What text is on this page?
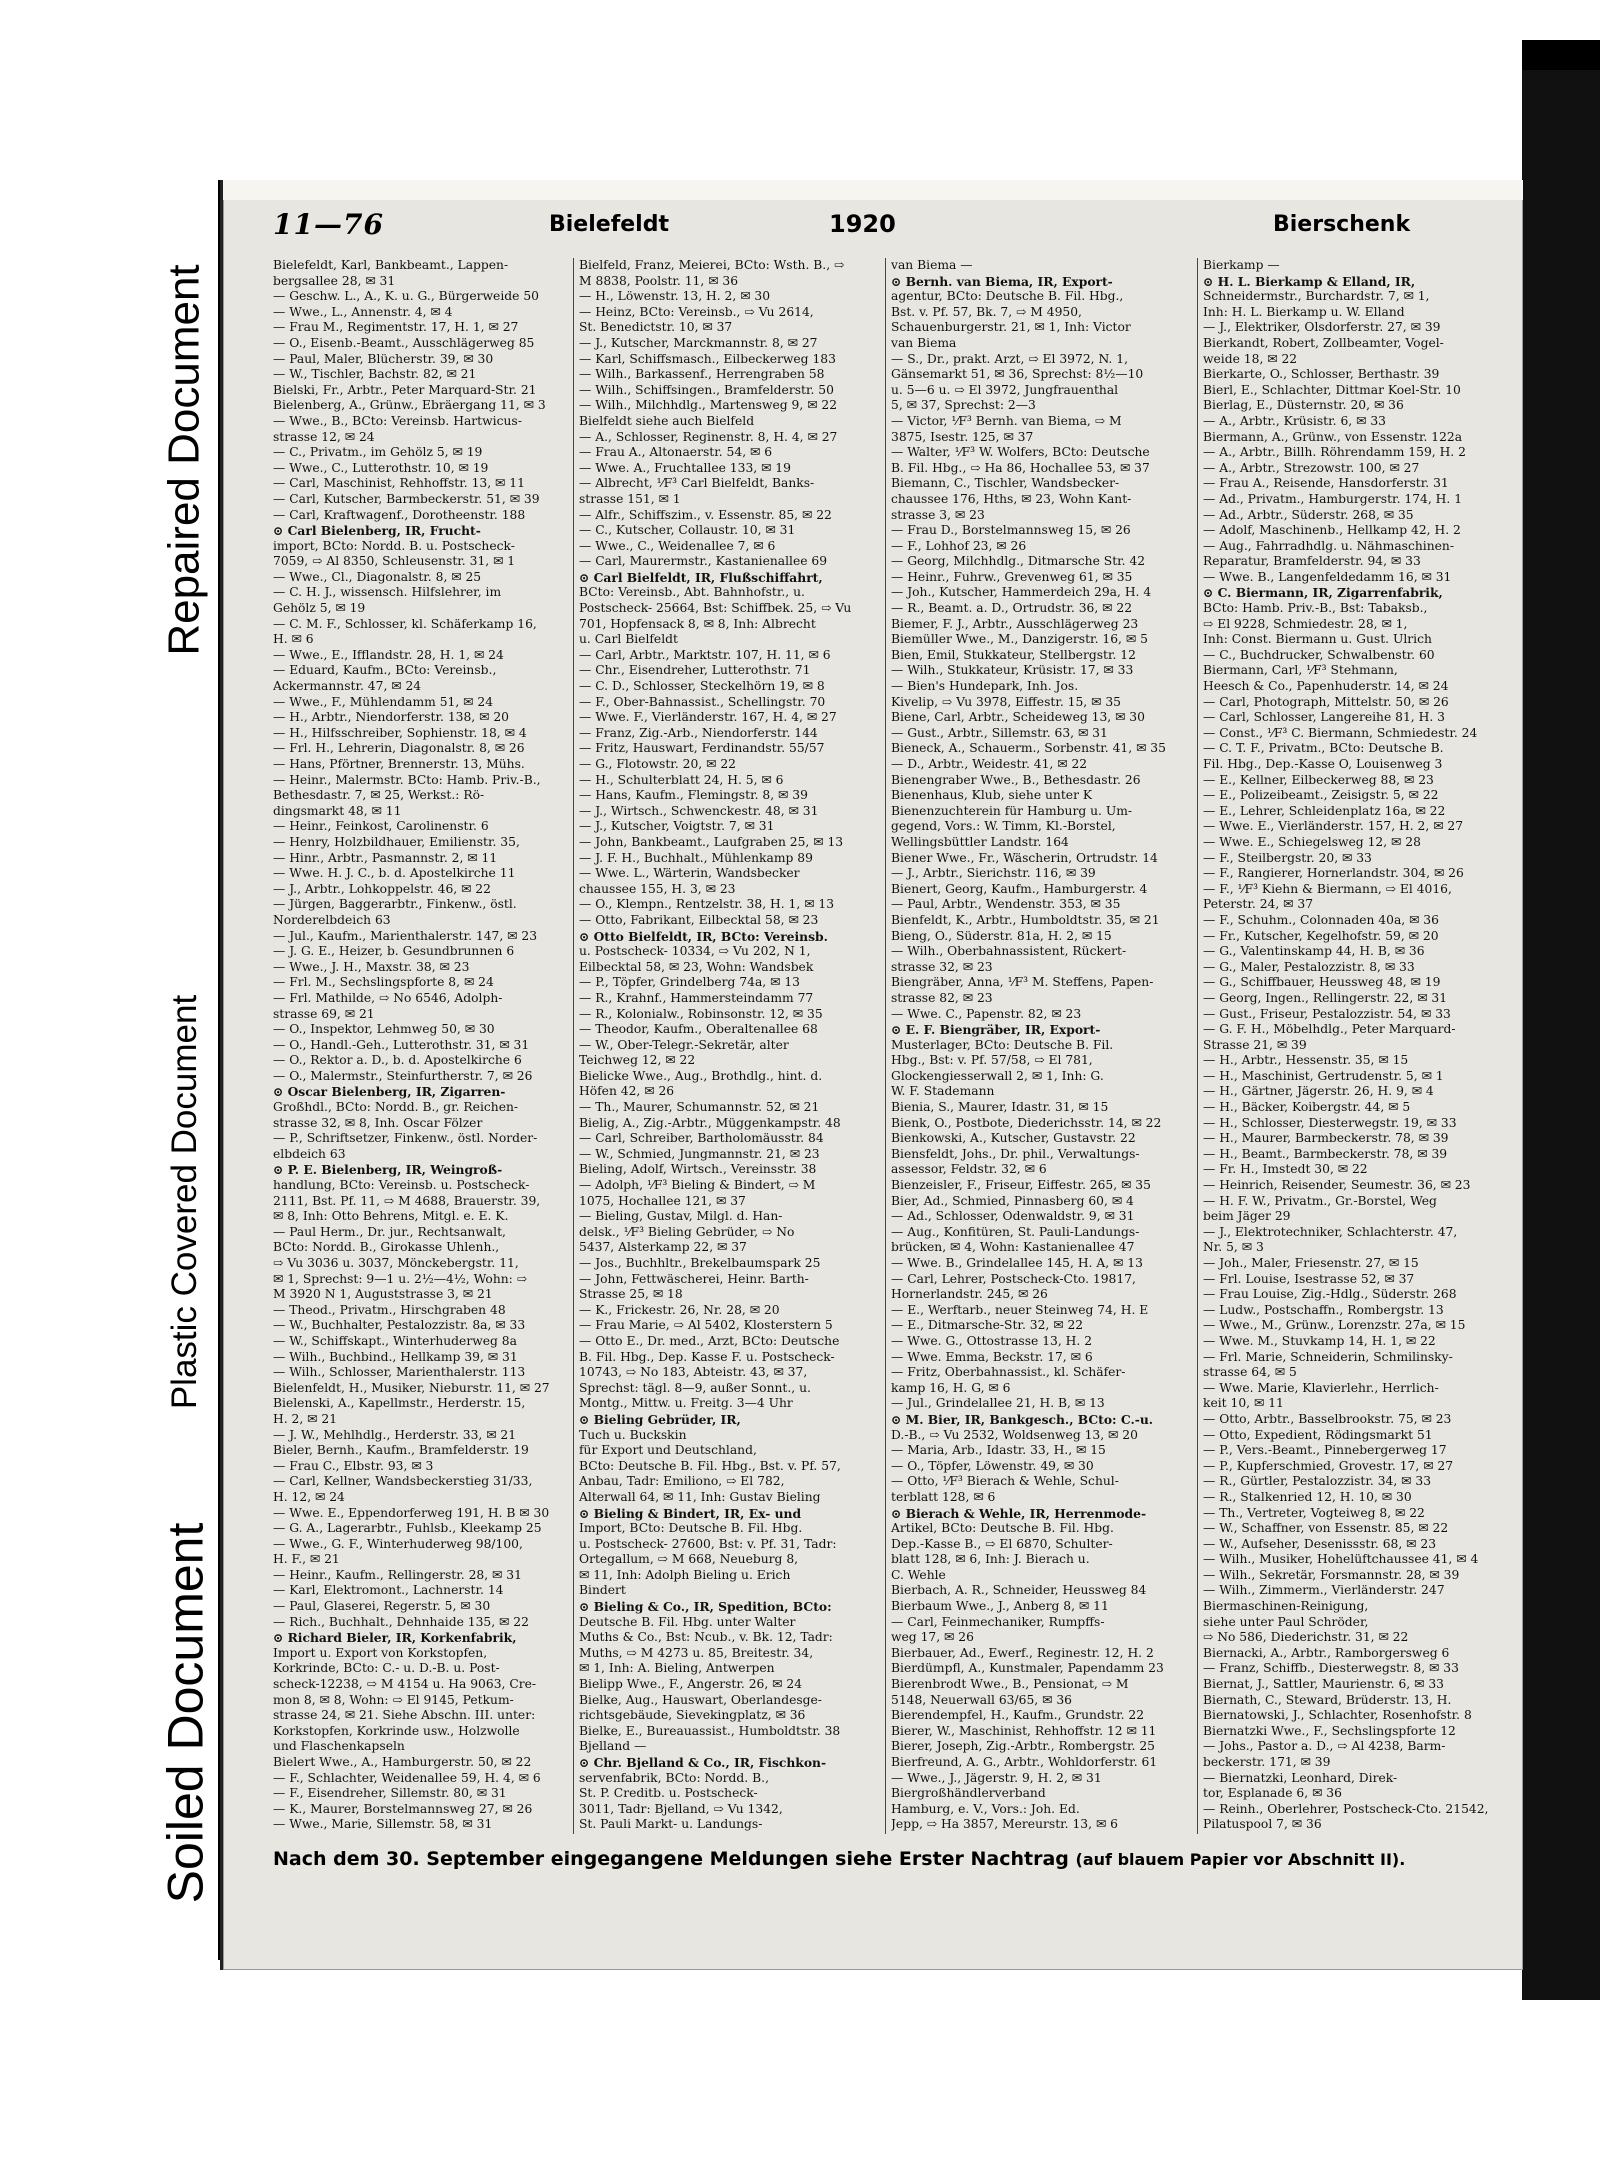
Repaired Document
Plastic Covered Document
Soiled Document
11—76	Bielefeldt	1920	Bierschenk
Bielefeldt, Karl, Bankbeamt., Lappen-
bergsallee 28, ✉ 31
— Geschw. L., A., K. u. G., Bürgerweide 50
— Wwe., L., Annenstr. 4, ✉ 4
— Frau M., Regimentstr. 17, H. 1, ✉ 27
— O., Eisenb.-Beamt., Ausschlägerweg 85
— Paul, Maler, Blücherstr. 39, ✉ 30
— W., Tischler, Bachstr. 82, ✉ 21
Bielski, Fr., Arbtr., Peter Marquard-Str. 21
Bielenberg, A., Grünw., Ebräergang 11, ✉ 3
— Wwe., B., BCto: Vereinsb. Hartwicus-
strasse 12, ✉ 24
— C., Privatm., im Gehölz 5, ✉ 19
— Wwe., C., Lutterothstr. 10, ✉ 19
— Carl, Maschinist, Rehhoffstr. 13, ✉ 11
— Carl, Kutscher, Barmbeckerstr. 51, ✉ 39
— Carl, Kraftwagenf., Dorotheenstr. 188
⊙ Carl Bielenberg, IR, Frucht-
import, BCto: Nordd. B. u. Postscheck-
7059, ⇨ Al 8350, Schleusenstr. 31, ✉ 1
— Wwe., Cl., Diagonalstr. 8, ✉ 25
— C. H. J., wissensch. Hilfslehrer, im
Gehölz 5, ✉ 19
— C. M. F., Schlosser, kl. Schäferkamp 16,
H. ✉ 6
— Wwe., E., Ifflandstr. 28, H. 1, ✉ 24
— Eduard, Kaufm., BCto: Vereinsb.,
Ackermannstr. 47, ✉ 24
— Wwe., F., Mühlendamm 51, ✉ 24
— H., Arbtr., Niendorferstr. 138, ✉ 20
— H., Hilfsschreiber, Sophienstr. 18, ✉ 4
— Frl. H., Lehrerin, Diagonalstr. 8, ✉ 26
— Hans, Pförtner, Brennerstr. 13, Mühs.
— Heinr., Malermstr. BCto: Hamb. Priv.-B.,
Bethesdastr. 7, ✉ 25, Werkst.: Rö-
dingsmarkt 48, ✉ 11
— Heinr., Feinkost, Carolinenstr. 6
— Henry, Holzbildhauer, Emilienstr. 35,
— Hinr., Arbtr., Pasmannstr. 2, ✉ 11
— Wwe. H. J. C., b. d. Apostelkirche 11
— J., Arbtr., Lohkoppelstr. 46, ✉ 22
— Jürgen, Baggerarbtr., Finkenw., östl.
Norderelbdeich 63
— Jul., Kaufm., Marienthalerstr. 147, ✉ 23
— J. G. E., Heizer, b. Gesundbrunnen 6
— Wwe., J. H., Maxstr. 38, ✉ 23
— Frl. M., Sechslingspforte 8, ✉ 24
— Frl. Mathilde, ⇨ No 6546, Adolph-
strasse 69, ✉ 21
— O., Inspektor, Lehmweg 50, ✉ 30
— O., Handl.-Geh., Lutterothstr. 31, ✉ 31
— O., Rektor a. D., b. d. Apostelkirche 6
— O., Malermstr., Steinfurtherstr. 7, ✉ 26
⊙ Oscar Bielenberg, IR, Zigarren-
Großhdl., BCto: Nordd. B., gr. Reichen-
strasse 32, ✉ 8, Inh. Oscar Fölzer
— P., Schriftsetzer, Finkenw., östl. Norder-
elbdeich 63
⊙ P. E. Bielenberg, IR, Weingroß-
handlung, BCto: Vereinsb. u. Postscheck-
2111, Bst. Pf. 11, ⇨ M 4688, Brauerstr. 39,
✉ 8, Inh: Otto Behrens, Mitgl. e. E. K.
— Paul Herm., Dr. jur., Rechtsanwalt,
BCto: Nordd. B., Girokasse Uhlenh.,
⇨ Vu 3036 u. 3037, Mönckebergstr. 11,
✉ 1, Sprechst: 9—1 u. 2½—4½, Wohn: ⇨
M 3920 N 1, Auguststrasse 3, ✉ 21
— Theod., Privatm., Hirschgraben 48
— W., Buchhalter, Pestalozzistr. 8a, ✉ 33
— W., Schiffskapt., Winterhuderweg 8a
— Wilh., Buchbind., Hellkamp 39, ✉ 31
— Wilh., Schlosser, Marienthalerstr. 113
Bielenfeldt, H., Musiker, Nieburstr. 11, ✉ 27
Bielenski, A., Kapellmstr., Herderstr. 15,
H. 2, ✉ 21
— J. W., Mehlhdlg., Herderstr. 33, ✉ 21
Bieler, Bernh., Kaufm., Bramfelderstr. 19
— Frau C., Elbstr. 93, ✉ 3
— Carl, Kellner, Wandsbeckerstieg 31/33,
H. 12, ✉ 24
— Wwe. E., Eppendorferweg 191, H. B ✉ 30
— G. A., Lagerarbtr., Fuhlsb., Kleekamp 25
— Wwe., G. F., Winterhuderweg 98/100,
H. F., ✉ 21
— Heinr., Kaufm., Rellingerstr. 28, ✉ 31
— Karl, Elektromont., Lachnerstr. 14
— Paul, Glaserei, Regerstr. 5, ✉ 30
— Rich., Buchhalt., Dehnhaide 135, ✉ 22
⊙ Richard Bieler, IR, Korkenfabrik,
Import u. Export von Korkstopfen,
Korkrinde, BCto: C.- u. D.-B. u. Post-
scheck-12238, ⇨ M 4154 u. Ha 9063, Cre-
mon 8, ✉ 8, Wohn: ⇨ El 9145, Petkum-
strasse 24, ✉ 21. Siehe Abschn. III. unter:
Korkstopfen, Korkrinde usw., Holzwolle
und Flaschenkapseln
Bielert Wwe., A., Hamburgerstr. 50, ✉ 22
— F., Schlachter, Weidenallee 59, H. 4, ✉ 6
— F., Eisendreher, Sillemstr. 80, ✉ 31
— K., Maurer, Borstelmannsweg 27, ✉ 26
— Wwe., Marie, Sillemstr. 58, ✉ 31
Bielfeld, Franz, Meierei, BCto: Wsth. B., ⇨
M 8838, Poolstr. 11, ✉ 36
— H., Löwenstr. 13, H. 2, ✉ 30
— Heinz, BCto: Vereinsb., ⇨ Vu 2614,
St. Benedictstr. 10, ✉ 37
— J., Kutscher, Marckmannstr. 8, ✉ 27
— Karl, Schiffsmasch., Eilbeckerweg 183
— Wilh., Barkassenf., Herrengraben 58
— Wilh., Schiffsingen., Bramfelderstr. 50
— Wilh., Milchhdlg., Martensweg 9, ✉ 22
Bielfeldt siehe auch Bielfeld
— A., Schlosser, Reginenstr. 8, H. 4, ✉ 27
— Frau A., Altonaerstr. 54, ✉ 6
— Wwe. A., Fruchtallee 133, ✉ 19
— Albrecht, ⅟F³ Carl Bielfeldt, Banks-
strasse 151, ✉ 1
— Alfr., Schiffszim., v. Essenstr. 85, ✉ 22
— C., Kutscher, Collaustr. 10, ✉ 31
— Wwe., C., Weidenallee 7, ✉ 6
— Carl, Maurermstr., Kastanienallee 69
⊙ Carl Bielfeldt, IR, Flußschiffahrt,
BCto: Vereinsb., Abt. Bahnhofstr., u.
Postscheck- 25664, Bst: Schiffbek. 25, ⇨ Vu
701, Hopfensack 8, ✉ 8, Inh: Albrecht
u. Carl Bielfeldt
— Carl, Arbtr., Marktstr. 107, H. 11, ✉ 6
— Chr., Eisendreher, Lutterothstr. 71
— C. D., Schlosser, Steckelhörn 19, ✉ 8
— F., Ober-Bahnassist., Schellingstr. 70
— Wwe. F., Vierländerstr. 167, H. 4, ✉ 27
— Franz, Zig.-Arb., Niendorferstr. 144
— Fritz, Hauswart, Ferdinandstr. 55/57
— G., Flotowstr. 20, ✉ 22
— H., Schulterblatt 24, H. 5, ✉ 6
— Hans, Kaufm., Flemingstr. 8, ✉ 39
— J., Wirtsch., Schwenckestr. 48, ✉ 31
— J., Kutscher, Voigtstr. 7, ✉ 31
— John, Bankbeamt., Laufgraben 25, ✉ 13
— J. F. H., Buchhalt., Mühlenkamp 89
— Wwe. L., Wärterin, Wandsbecker
chaussee 155, H. 3, ✉ 23
— O., Klempn., Rentzelstr. 38, H. 1, ✉ 13
— Otto, Fabrikant, Eilbecktal 58, ✉ 23
⊙ Otto Bielfeldt, IR, BCto: Vereinsb.
u. Postscheck- 10334, ⇨ Vu 202, N 1,
Eilbecktal 58, ✉ 23, Wohn: Wandsbek
— P., Töpfer, Grindelberg 74a, ✉ 13
— R., Krahnf., Hammersteindamm 77
— R., Kolonialw., Robinsonstr. 12, ✉ 35
— Theodor, Kaufm., Oberaltenallee 68
— W., Ober-Telegr.-Sekretär, alter
Teichweg 12, ✉ 22
Bielicke Wwe., Aug., Brothdlg., hint. d.
Höfen 42, ✉ 26
— Th., Maurer, Schumannstr. 52, ✉ 21
Bielig, A., Zig.-Arbtr., Müggenkampstr. 48
— Carl, Schreiber, Bartholomäusstr. 84
— W., Schmied, Jungmannstr. 21, ✉ 23
Bieling, Adolf, Wirtsch., Vereinsstr. 38
— Adolph, ⅟F³ Bieling & Bindert, ⇨ M
1075, Hochallee 121, ✉ 37
— Bieling, Gustav, Milgl. d. Han-
delsk., ⅟F³ Bieling Gebrüder, ⇨ No
5437, Alsterkamp 22, ✉ 37
— Jos., Buchhltr., Brekelbaumspark 25
— John, Fettwäscherei, Heinr. Barth-
Strasse 25, ✉ 18
— K., Frickestr. 26, Nr. 28, ✉ 20
— Frau Marie, ⇨ Al 5402, Klosterstern 5
— Otto E., Dr. med., Arzt, BCto: Deutsche
B. Fil. Hbg., Dep. Kasse F. u. Postscheck-
10743, ⇨ No 183, Abteistr. 43, ✉ 37,
Sprechst: tägl. 8—9, außer Sonnt., u.
Montg., Mittw. u. Freitg. 3—4 Uhr
⊙ Bieling Gebrüder, IR,
Tuch u. Buckskin
für Export und Deutschland,
BCto: Deutsche B. Fil. Hbg., Bst. v. Pf. 57,
Anbau, Tadr: Emiliono, ⇨ El 782,
Alterwall 64, ✉ 11, Inh: Gustav Bieling
⊙ Bieling & Bindert, IR, Ex- und
Import, BCto: Deutsche B. Fil. Hbg.
u. Postscheck- 27600, Bst: v. Pf. 31, Tadr:
Ortegallum, ⇨ M 668, Neueburg 8,
✉ 11, Inh: Adolph Bieling u. Erich
Bindert
⊙ Bieling & Co., IR, Spedition, BCto:
Deutsche B. Fil. Hbg. unter Walter
Muths & Co., Bst: Ncub., v. Bk. 12, Tadr:
Muths, ⇨ M 4273 u. 85, Breitestr. 34,
✉ 1, Inh: A. Bieling, Antwerpen
Bielipp Wwe., F., Angerstr. 26, ✉ 24
Bielke, Aug., Hauswart, Oberlandesge-
richtsgebäude, Sievekingplatz, ✉ 36
Bielke, E., Bureauassist., Humboldtstr. 38
Bjelland —
⊙ Chr. Bjelland & Co., IR, Fischkon-
servenfabrik, BCto: Nordd. B.,
St. P. Creditb. u. Postscheck-
3011, Tadr: Bjelland, ⇨ Vu 1342,
St. Pauli Markt- u. Landungs-
van Biema —
⊙ Bernh. van Biema, IR, Export-
agentur, BCto: Deutsche B. Fil. Hbg.,
Bst. v. Pf. 57, Bk. 7, ⇨ M 4950,
Schauenburgerstr. 21, ✉ 1, Inh: Victor
van Biema
— S., Dr., prakt. Arzt, ⇨ El 3972, N. 1,
Gänsemarkt 51, ✉ 36, Sprechst: 8½—10
u. 5—6 u. ⇨ El 3972, Jungfrauenthal
5, ✉ 37, Sprechst: 2—3
— Victor, ⅟F³ Bernh. van Biema, ⇨ M
3875, Isestr. 125, ✉ 37
— Walter, ⅟F³ W. Wolfers, BCto: Deutsche
B. Fil. Hbg., ⇨ Ha 86, Hochallee 53, ✉ 37
Biemann, C., Tischler, Wandsbecker-
chaussee 176, Hths, ✉ 23, Wohn Kant-
strasse 3, ✉ 23
— Frau D., Borstelmannsweg 15, ✉ 26
— F., Lohhof 23, ✉ 26
— Georg, Milchhdlg., Ditmarsche Str. 42
— Heinr., Fuhrw., Grevenweg 61, ✉ 35
— Joh., Kutscher, Hammerdeich 29a, H. 4
— R., Beamt. a. D., Ortrudstr. 36, ✉ 22
Biemer, F. J., Arbtr., Ausschlägerweg 23
Biemüller Wwe., M., Danzigerstr. 16, ✉ 5
Bien, Emil, Stukkateur, Stellbergstr. 12
— Wilh., Stukkateur, Krüsistr. 17, ✉ 33
— Bien's Hundepark, Inh. Jos.
Kivelip, ⇨ Vu 3978, Eiffestr. 15, ✉ 35
Biene, Carl, Arbtr., Scheideweg 13, ✉ 30
— Gust., Arbtr., Sillemstr. 63, ✉ 31
Bieneck, A., Schauerm., Sorbenstr. 41, ✉ 35
— D., Arbtr., Weidestr. 41, ✉ 22
Bienengraber Wwe., B., Bethesdastr. 26
Bienenhaus, Klub, siehe unter K
Bienenzuchterein für Hamburg u. Um-
gegend, Vors.: W. Timm, Kl.-Borstel,
Wellingsbüttler Landstr. 164
Biener Wwe., Fr., Wäscherin, Ortrudstr. 14
— J., Arbtr., Sierichstr. 116, ✉ 39
Bienert, Georg, Kaufm., Hamburgerstr. 4
— Paul, Arbtr., Wendenstr. 353, ✉ 35
Bienfeldt, K., Arbtr., Humboldtstr. 35, ✉ 21
Bieng, O., Süderstr. 81a, H. 2, ✉ 15
— Wilh., Oberbahnassistent, Rückert-
strasse 32, ✉ 23
Biengräber, Anna, ⅟F³ M. Steffens, Papen-
strasse 82, ✉ 23
— Wwe. C., Papenstr. 82, ✉ 23
⊙ E. F. Biengräber, IR, Export-
Musterlager, BCto: Deutsche B. Fil.
Hbg., Bst: v. Pf. 57/58, ⇨ El 781,
Glockengiesserwall 2, ✉ 1, Inh: G.
W. F. Stademann
Bienia, S., Maurer, Idastr. 31, ✉ 15
Bienk, O., Postbote, Diederichsstr. 14, ✉ 22
Bienkowski, A., Kutscher, Gustavstr. 22
Biensfeldt, Johs., Dr. phil., Verwaltungs-
assessor, Feldstr. 32, ✉ 6
Bienzeisler, F., Friseur, Eiffestr. 265, ✉ 35
Bier, Ad., Schmied, Pinnasberg 60, ✉ 4
— Ad., Schlosser, Odenwaldstr. 9, ✉ 31
— Aug., Konfitüren, St. Pauli-Landungs-
brücken, ✉ 4, Wohn: Kastanienallee 47
— Wwe. B., Grindelallee 145, H. A, ✉ 13
— Carl, Lehrer, Postscheck-Cto. 19817,
Hornerlandstr. 245, ✉ 26
— E., Werftarb., neuer Steinweg 74, H. E
— E., Ditmarsche-Str. 32, ✉ 22
— Wwe. G., Ottostrasse 13, H. 2
— Wwe. Emma, Beckstr. 17, ✉ 6
— Fritz, Oberbahnassist., kl. Schäfer-
kamp 16, H. G, ✉ 6
— Jul., Grindelallee 21, H. B, ✉ 13
⊙ M. Bier, IR, Bankgesch., BCto: C.-u.
D.-B., ⇨ Vu 2532, Woldsenweg 13, ✉ 20
— Maria, Arb., Idastr. 33, H., ✉ 15
— O., Töpfer, Löwenstr. 49, ✉ 30
— Otto, ⅟F³ Bierach & Wehle, Schul-
terblatt 128, ✉ 6
⊙ Bierach & Wehle, IR, Herrenmode-
Artikel, BCto: Deutsche B. Fil. Hbg.
Dep.-Kasse B., ⇨ El 6870, Schulter-
blatt 128, ✉ 6, Inh: J. Bierach u.
C. Wehle
Bierbach, A. R., Schneider, Heussweg 84
Bierbaum Wwe., J., Anberg 8, ✉ 11
— Carl, Feinmechaniker, Rumpffs-
weg 17, ✉ 26
Bierbauer, Ad., Ewerf., Reginestr. 12, H. 2
Bierdümpfl, A., Kunstmaler, Papendamm 23
Bierenbrodt Wwe., B., Pensionat, ⇨ M
5148, Neuerwall 63/65, ✉ 36
Bierendempfel, H., Kaufm., Grundstr. 22
Bierer, W., Maschinist, Rehhoffstr. 12 ✉ 11
Bierer, Joseph, Zig.-Arbtr., Rombergstr. 25
Bierfreund, A. G., Arbtr., Wohldorferstr. 61
— Wwe., J., Jägerstr. 9, H. 2, ✉ 31
Biergroßhändlerverband
Hamburg, e. V., Vors.: Joh. Ed.
Jepp, ⇨ Ha 3857, Mereurstr. 13, ✉ 6
Bierkamp —
⊙ H. L. Bierkamp & Elland, IR,
Schneidermstr., Burchardstr. 7, ✉ 1,
Inh: H. L. Bierkamp u. W. Elland
— J., Elektriker, Olsdorferstr. 27, ✉ 39
Bierkandt, Robert, Zollbeamter, Vogel-
weide 18, ✉ 22
Bierkarte, O., Schlosser, Berthastr. 39
Bierl, E., Schlachter, Dittmar Koel-Str. 10
Bierlag, E., Düsternstr. 20, ✉ 36
— A., Arbtr., Krüsistr. 6, ✉ 33
Biermann, A., Grünw., von Essenstr. 122a
— A., Arbtr., Billh. Röhrendamm 159, H. 2
— A., Arbtr., Strezowstr. 100, ✉ 27
— Frau A., Reisende, Hansdorferstr. 31
— Ad., Privatm., Hamburgerstr. 174, H. 1
— Ad., Arbtr., Süderstr. 268, ✉ 35
— Adolf, Maschinenb., Hellkamp 42, H. 2
— Aug., Fahrradhdlg. u. Nähmaschinen-
Reparatur, Bramfelderstr. 94, ✉ 33
— Wwe. B., Langenfeldedamm 16, ✉ 31
⊙ C. Biermann, IR, Zigarrenfabrik,
BCto: Hamb. Priv.-B., Bst: Tabaksb.,
⇨ El 9228, Schmiedestr. 28, ✉ 1,
Inh: Const. Biermann u. Gust. Ulrich
— C., Buchdrucker, Schwalbenstr. 60
Biermann, Carl, ⅟F³ Stehmann,
Heesch & Co., Papenhuderstr. 14, ✉ 24
— Carl, Photograph, Mittelstr. 50, ✉ 26
— Carl, Schlosser, Langereihe 81, H. 3
— Const., ⅟F³ C. Biermann, Schmiedestr. 24
— C. T. F., Privatm., BCto: Deutsche B.
Fil. Hbg., Dep.-Kasse O, Louisenweg 3
— E., Kellner, Eilbeckerweg 88, ✉ 23
— E., Polizeibeamt., Zeisigstr. 5, ✉ 22
— E., Lehrer, Schleidenplatz 16a, ✉ 22
— Wwe. E., Vierländerstr. 157, H. 2, ✉ 27
— Wwe. E., Schiegelsweg 12, ✉ 28
— F., Steilbergstr. 20, ✉ 33
— F., Rangierer, Hornerlandstr. 304, ✉ 26
— F., ⅟F³ Kiehn & Biermann, ⇨ El 4016,
Peterstr. 24, ✉ 37
— F., Schuhm., Colonnaden 40a, ✉ 36
— Fr., Kutscher, Kegelhofstr. 59, ✉ 20
— G., Valentinskamp 44, H. B, ✉ 36
— G., Maler, Pestalozzistr. 8, ✉ 33
— G., Schiffbauer, Heussweg 48, ✉ 19
— Georg, Ingen., Rellingerstr. 22, ✉ 31
— Gust., Friseur, Pestalozzistr. 54, ✉ 33
— G. F. H., Möbelhdlg., Peter Marquard-
Strasse 21, ✉ 39
— H., Arbtr., Hessenstr. 35, ✉ 15
— H., Maschinist, Gertrudenstr. 5, ✉ 1
— H., Gärtner, Jägerstr. 26, H. 9, ✉ 4
— H., Bäcker, Koibergstr. 44, ✉ 5
— H., Schlosser, Diesterwegstr. 19, ✉ 33
— H., Maurer, Barmbeckerstr. 78, ✉ 39
— H., Beamt., Barmbeckerstr. 78, ✉ 39
— Fr. H., Imstedt 30, ✉ 22
— Heinrich, Reisender, Seumestr. 36, ✉ 23
— H. F. W., Privatm., Gr.-Borstel, Weg
beim Jäger 29
— J., Elektrotechniker, Schlachterstr. 47,
Nr. 5, ✉ 3
— Joh., Maler, Friesenstr. 27, ✉ 15
— Frl. Louise, Isestrasse 52, ✉ 37
— Frau Louise, Zig.-Hdlg., Süderstr. 268
— Ludw., Postschaffn., Rombergstr. 13
— Wwe., M., Grünw., Lorenzstr. 27a, ✉ 15
— Wwe. M., Stuvkamp 14, H. 1, ✉ 22
— Frl. Marie, Schneiderin, Schmilinsky-
strasse 64, ✉ 5
— Wwe. Marie, Klavierlehr., Herrlich-
keit 10, ✉ 11
— Otto, Arbtr., Basselbrookstr. 75, ✉ 23
— Otto, Expedient, Rödingsmarkt 51
— P., Vers.-Beamt., Pinnebergerweg 17
— P., Kupferschmied, Grovestr. 17, ✉ 27
— R., Gürtler, Pestalozzistr. 34, ✉ 33
— R., Stalkenried 12, H. 10, ✉ 30
— Th., Vertreter, Vogteiweg 8, ✉ 22
— W., Schaffner, von Essenstr. 85, ✉ 22
— W., Aufseher, Desenissstr. 68, ✉ 23
— Wilh., Musiker, Hohelüftchaussee 41, ✉ 4
— Wilh., Sekretär, Forsmannstr. 28, ✉ 39
— Wilh., Zimmerm., Vierländerstr. 247
Biermaschinen-Reinigung,
siehe unter Paul Schröder,
⇨ No 586, Diederichstr. 31, ✉ 22
Biernacki, A., Arbtr., Ramborgersweg 6
— Franz, Schiffb., Diesterwegstr. 8, ✉ 33
Biernat, J., Sattler, Maurienstr. 6, ✉ 33
Biernath, C., Steward, Brüderstr. 13, H.
Biernatowski, J., Schlachter, Rosenhofstr. 8
Biernatzki Wwe., F., Sechslingspforte 12
— Johs., Pastor a. D., ⇨ Al 4238, Barm-
beckerstr. 171, ✉ 39
— Biernatzki, Leonhard, Direk-
tor, Esplanade 6, ✉ 36
— Reinh., Oberlehrer, Postscheck-Cto. 21542,
Pilatuspool 7, ✉ 36
Nach dem 30. September eingegangene Meldungen siehe Erster Nachtrag (auf blauem Papier vor Abschnitt II).
